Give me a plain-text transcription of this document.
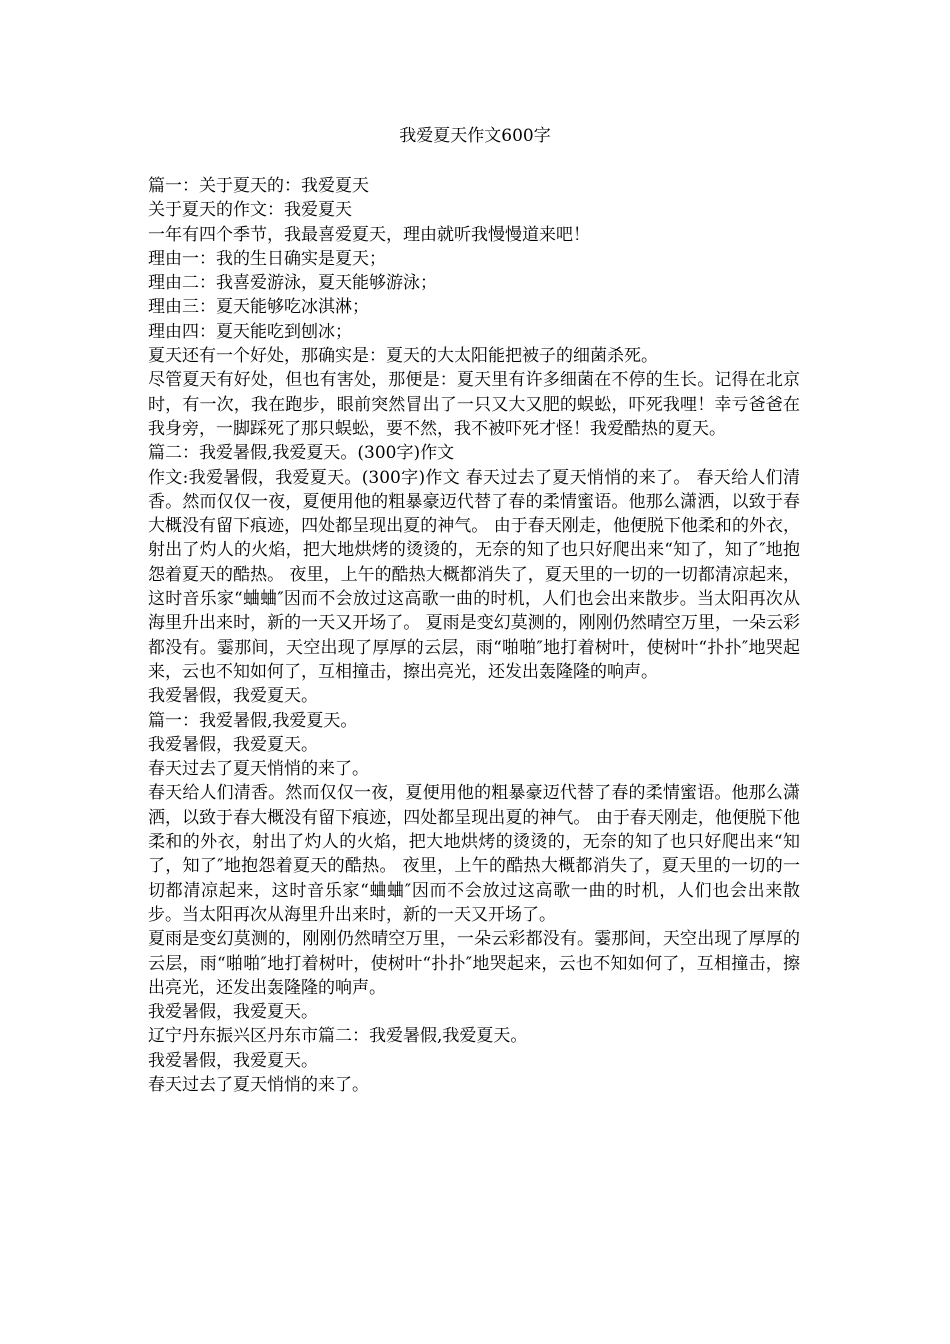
我爱夏天作文600字

篇一：关于夏天的：我爱夏天

关于夏天的作文：我爱夏天

一年有四个季节，我最喜爱夏天，理由就听我慢慢道来吧！

理由一：我的生日确实是夏天；

理由二：我喜爱游泳，夏天能够游泳；

理由三：夏天能够吃冰淇淋；

理由四：夏天能吃到刨冰；

夏天还有一个好处，那确实是：夏天的大太阳能把被子的细菌杀死。

尽管夏天有好处，但也有害处，那便是：夏天里有许多细菌在不停的生长。记得在北京时，有一次，我在跑步，眼前突然冒出了一只又大又肥的蜈蚣，吓死我哩！幸亏爸爸在我身旁，一脚踩死了那只蜈蚣，要不然，我不被吓死才怪！我爱酷热的夏天。

篇二：我爱暑假,我爱夏天。(300字)作文

作文:我爱暑假，我爱夏天。(300字)作文 春天过去了夏天悄悄的来了。 春天给人们清香。然而仅仅一夜，夏便用他的粗暴豪迈代替了春的柔情蜜语。他那么潇洒，以致于春大概没有留下痕迹，四处都呈现出夏的神气。 由于春天刚走，他便脱下他柔和的外衣，射出了灼人的火焰，把大地烘烤的烫烫的，无奈的知了也只好爬出来“知了，知了″地抱怨着夏天的酷热。 夜里，上午的酷热大概都消失了，夏天里的一切的一切都清凉起来，这时音乐家“蛐蛐″因而不会放过这高歌一曲的时机，人们也会出来散步。当太阳再次从海里升出来时，新的一天又开场了。 夏雨是变幻莫测的，刚刚仍然晴空万里，一朵云彩都没有。霎那间，天空出现了厚厚的云层，雨“啪啪″地打着树叶，使树叶“扑扑″地哭起来，云也不知如何了，互相撞击，擦出亮光，还发出轰隆隆的响声。

我爱暑假，我爱夏天。

篇一：我爱暑假,我爱夏天。

我爱暑假，我爱夏天。

春天过去了夏天悄悄的来了。

春天给人们清香。然而仅仅一夜，夏便用他的粗暴豪迈代替了春的柔情蜜语。他那么潇洒，以致于春大概没有留下痕迹，四处都呈现出夏的神气。 由于春天刚走，他便脱下他柔和的外衣，射出了灼人的火焰，把大地烘烤的烫烫的，无奈的知了也只好爬出来“知了，知了″地抱怨着夏天的酷热。 夜里，上午的酷热大概都消失了，夏天里的一切的一切都清凉起来，这时音乐家“蛐蛐″因而不会放过这高歌一曲的时机，人们也会出来散步。当太阳再次从海里升出来时，新的一天又开场了。

夏雨是变幻莫测的，刚刚仍然晴空万里，一朵云彩都没有。霎那间，天空出现了厚厚的云层，雨“啪啪″地打着树叶，使树叶“扑扑″地哭起来，云也不知如何了，互相撞击，擦出亮光，还发出轰隆隆的响声。

我爱暑假，我爱夏天。

辽宁丹东振兴区丹东市篇二：我爱暑假,我爱夏天。

我爱暑假，我爱夏天。

春天过去了夏天悄悄的来了。
